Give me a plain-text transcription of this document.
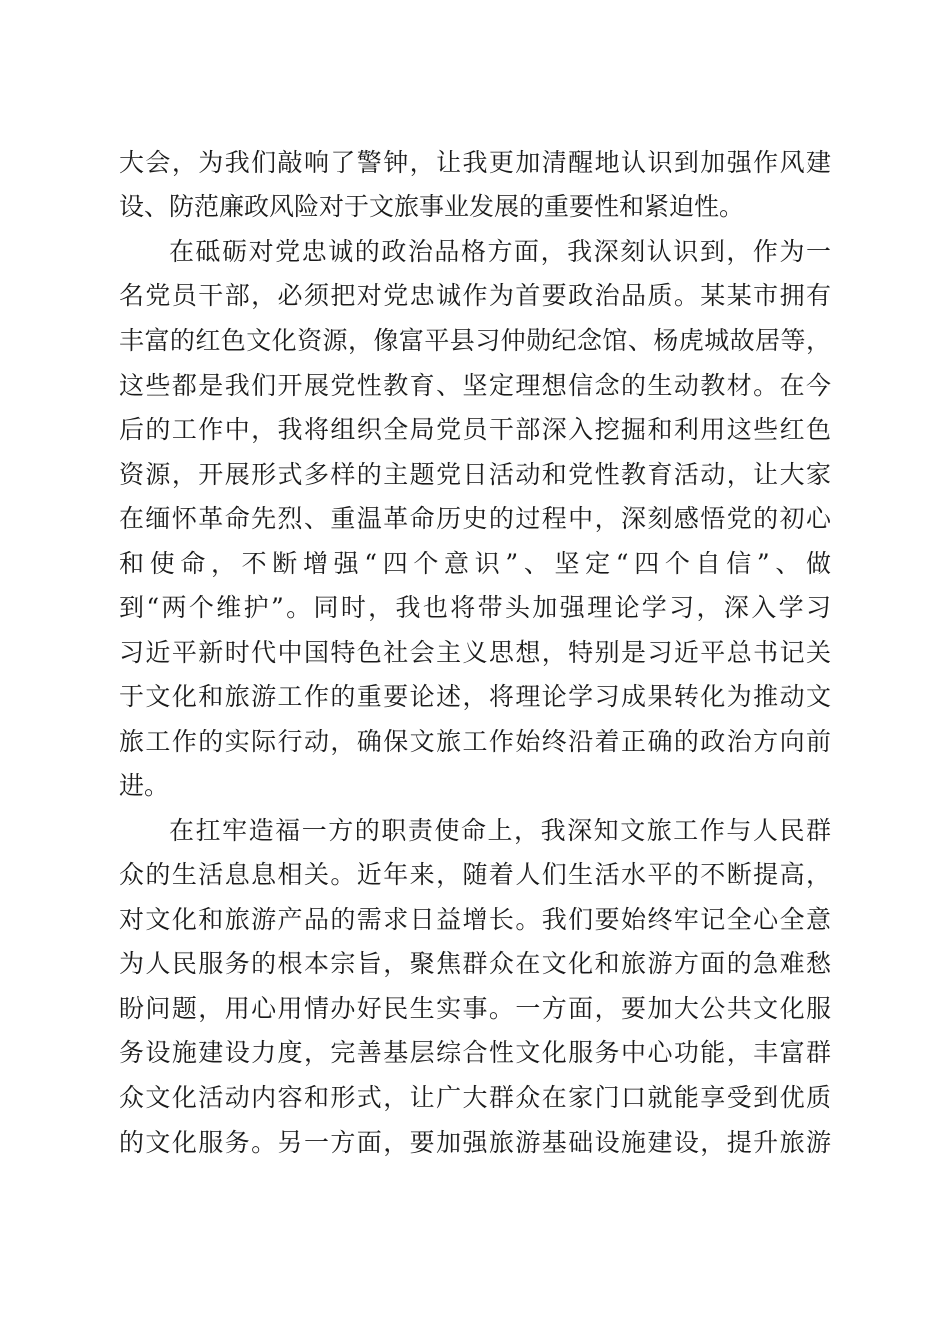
大会，为我们敲响了警钟，让我更加清醒地认识到加强作风建
设、防范廉政风险对于文旅事业发展的重要性和紧迫性。
在砥砺对党忠诚的政治品格方面，我深刻认识到，作为一
名党员干部，必须把对党忠诚作为首要政治品质。某某市拥有
丰富的红色文化资源，像富平县习仲勋纪念馆、杨虎城故居等，
这些都是我们开展党性教育、坚定理想信念的生动教材。在今
后的工作中，我将组织全局党员干部深入挖掘和利用这些红色
资源，开展形式多样的主题党日活动和党性教育活动，让大家
在缅怀革命先烈、重温革命历史的过程中，深刻感悟党的初心
和使命，不断增强“四个意识”、坚定“四个自信”、做
到“两个维护”。同时，我也将带头加强理论学习，深入学习
习近平新时代中国特色社会主义思想，特别是习近平总书记关
于文化和旅游工作的重要论述，将理论学习成果转化为推动文
旅工作的实际行动，确保文旅工作始终沿着正确的政治方向前
进。
在扛牢造福一方的职责使命上，我深知文旅工作与人民群
众的生活息息相关。近年来，随着人们生活水平的不断提高，
对文化和旅游产品的需求日益增长。我们要始终牢记全心全意
为人民服务的根本宗旨，聚焦群众在文化和旅游方面的急难愁
盼问题，用心用情办好民生实事。一方面，要加大公共文化服
务设施建设力度，完善基层综合性文化服务中心功能，丰富群
众文化活动内容和形式，让广大群众在家门口就能享受到优质
的文化服务。另一方面，要加强旅游基础设施建设，提升旅游
